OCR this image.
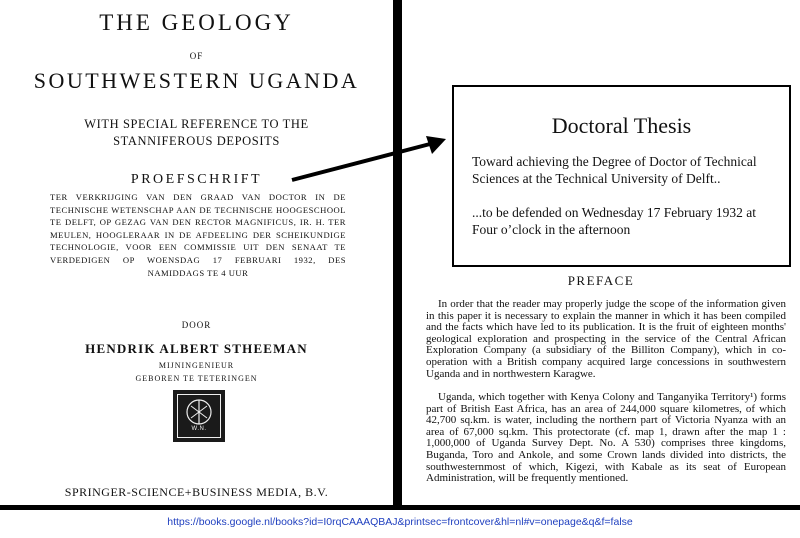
THE GEOLOGY
OF
SOUTHWESTERN UGANDA
WITH SPECIAL REFERENCE TO THE
STANNIFEROUS DEPOSITS
PROEFSCHRIFT
TER VERKRIJGING VAN DEN GRAAD VAN DOCTOR IN DE TECHNISCHE WETENSCHAP AAN DE TECHNISCHE HOOGESCHOOL TE DELFT, OP GEZAG VAN DEN RECTOR MAGNIFICUS, IR. H. TER MEULEN, HOOGLERAAR IN DE AFDEELING DER SCHEIKUNDIGE TECHNOLOGIE, VOOR EEN COMMISSIE UIT DEN SENAAT TE VERDEDIGEN OP WOENSDAG 17 FEBRUARI 1932, DES NAMIDDAGS TE 4 UUR
DOOR
HENDRIK ALBERT STHEEMAN
MIJNINGENIEUR
GEBOREN TE TETERINGEN
W.N.
SPRINGER-SCIENCE+BUSINESS MEDIA, B.V.
Doctoral Thesis
Toward achieving the Degree of Doctor of Technical
Sciences at the Technical University of Delft..
...to be defended on Wednesday 17 February 1932 at
Four o’clock in the afternoon
PREFACE

In order that the reader may properly judge the scope of the information given in this paper it is necessary to explain the manner in which it has been compiled and the facts which have led to its publication. It is the fruit of eighteen months' geological exploration and prospecting in the service of the Central African Exploration Company (a subsidiary of the Billiton Company), which in co-operation with a British company acquired large concessions in southwestern Uganda and in northwestern Karagwe.

Uganda, which together with Kenya Colony and Tanganyika Territory¹) forms part of British East Africa, has an area of 244,000 square kilometres, of which 42,700 sq.km. is water, including the northern part of Victoria Nyanza with an area of 67,000 sq.km. This protectorate (cf. map 1, drawn after the map 1 : 1,000,000 of Uganda Survey Dept. No. A 530) comprises three kingdoms, Buganda, Toro and Ankole, and some Crown lands divided into districts, the southwesternmost of which, Kigezi, with Kabale as its seat of European Administration, will be frequently mentioned.

https://books.google.nl/books?id=I0rqCAAAQBAJ&printsec=frontcover&hl=nl#v=onepage&q&f=false
